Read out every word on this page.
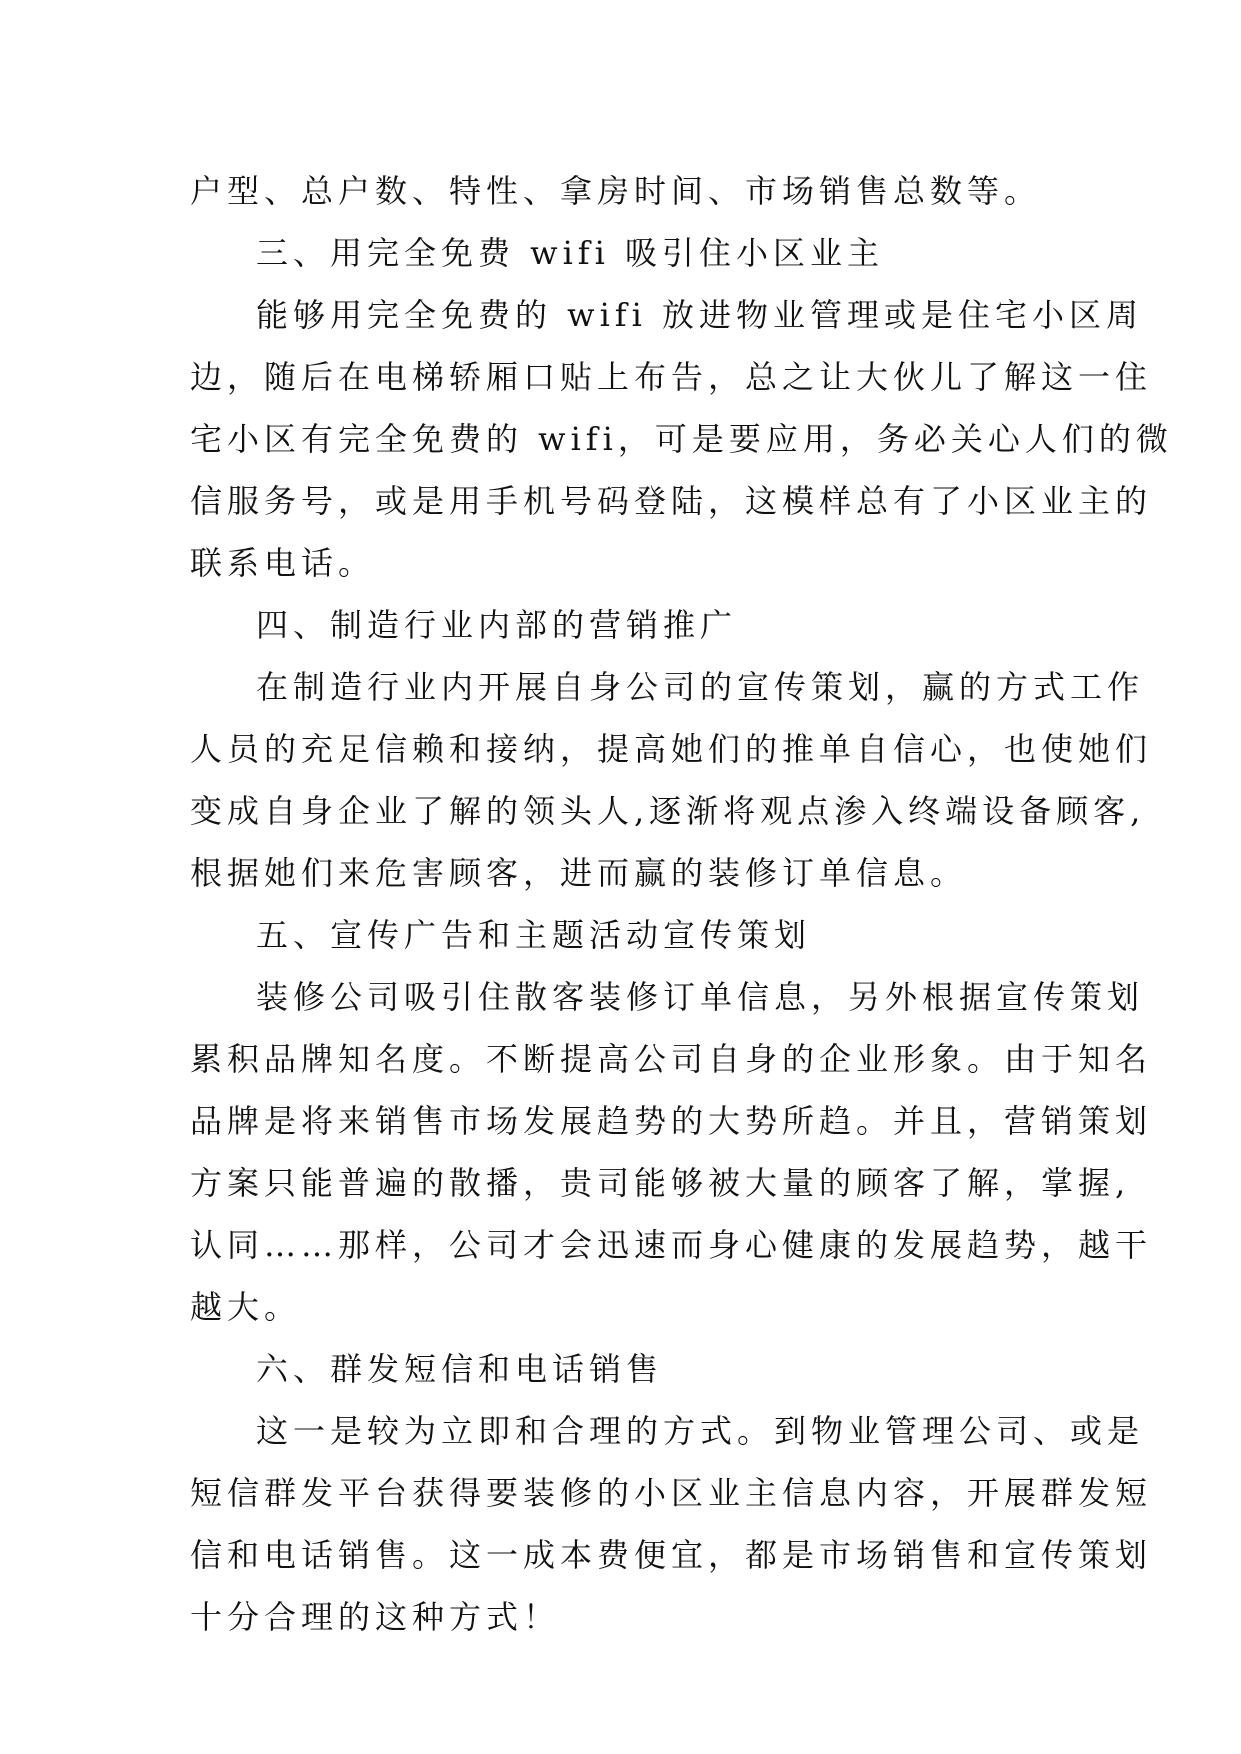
户型、总户数、特性、拿房时间、市场销售总数等。
三、用完全免费 wifi 吸引住小区业主
能够用完全免费的 wifi 放进物业管理或是住宅小区周
边，随后在电梯轿厢口贴上布告，总之让大伙儿了解这一住
宅小区有完全免费的 wifi，可是要应用，务必关心人们的微
信服务号，或是用手机号码登陆，这模样总有了小区业主的
联系电话。
四、制造行业内部的营销推广
在制造行业内开展自身公司的宣传策划，赢的方式工作
人员的充足信赖和接纳，提高她们的推单自信心，也使她们
变成自身企业了解的领头人,逐渐将观点渗入终端设备顾客,
根据她们来危害顾客，进而赢的装修订单信息。
五、宣传广告和主题活动宣传策划
装修公司吸引住散客装修订单信息，另外根据宣传策划
累积品牌知名度。不断提高公司自身的企业形象。由于知名
品牌是将来销售市场发展趋势的大势所趋。并且，营销策划
方案只能普遍的散播，贵司能够被大量的顾客了解，掌握,
认同……那样，公司才会迅速而身心健康的发展趋势，越干
越大。
六、群发短信和电话销售
这一是较为立即和合理的方式。到物业管理公司、或是
短信群发平台获得要装修的小区业主信息内容，开展群发短
信和电话销售。这一成本费便宜，都是市场销售和宣传策划
十分合理的这种方式！
